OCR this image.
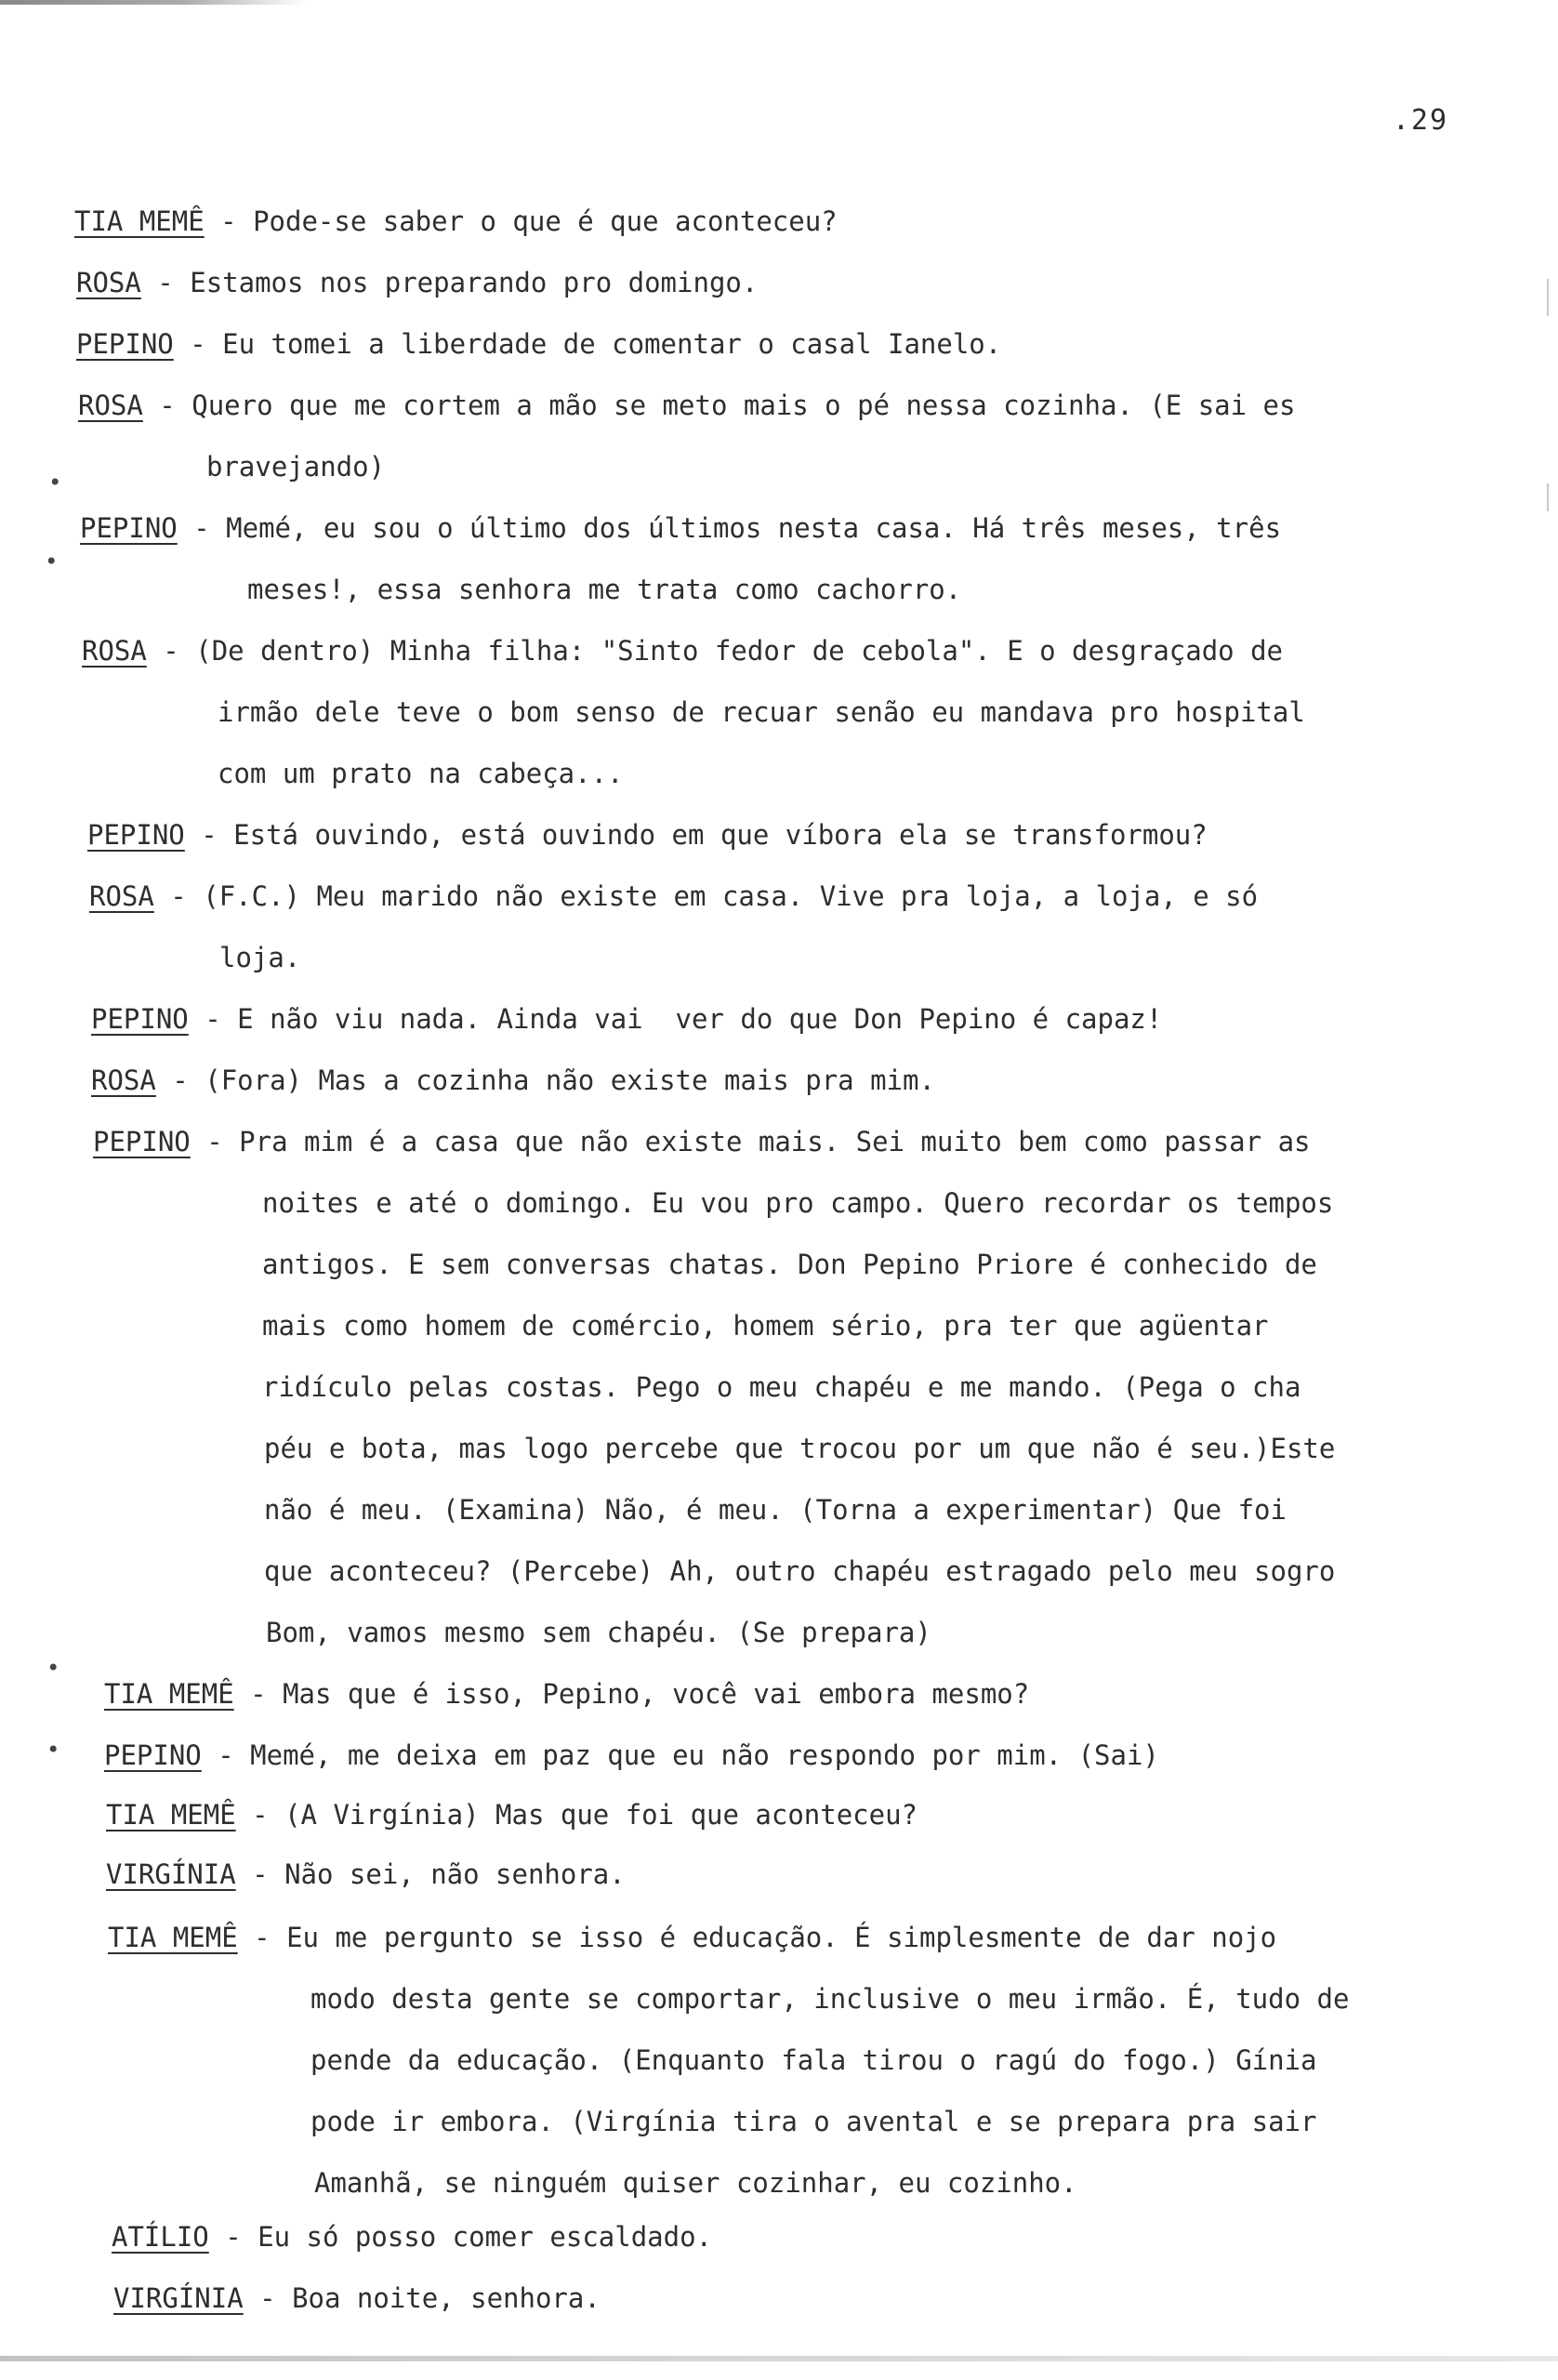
.29
•
•
•
•
TIA MEMÊ - Pode-se saber o que é que aconteceu?
ROSA - Estamos nos preparando pro domingo.
PEPINO - Eu tomei a liberdade de comentar o casal Ianelo.
ROSA - Quero que me cortem a mão se meto mais o pé nessa cozinha. (E sai es
bravejando)
PEPINO - Memé, eu sou o último dos últimos nesta casa. Há três meses, três
meses!, essa senhora me trata como cachorro.
ROSA - (De dentro) Minha filha: "Sinto fedor de cebola". E o desgraçado de
irmão dele teve o bom senso de recuar senão eu mandava pro hospital
com um prato na cabeça...
PEPINO - Está ouvindo, está ouvindo em que víbora ela se transformou?
ROSA - (F.C.) Meu marido não existe em casa. Vive pra loja, a loja, e só
loja.
PEPINO - E não viu nada. Ainda vai  ver do que Don Pepino é capaz!
ROSA - (Fora) Mas a cozinha não existe mais pra mim.
PEPINO - Pra mim é a casa que não existe mais. Sei muito bem como passar as
noites e até o domingo. Eu vou pro campo. Quero recordar os tempos
antigos. E sem conversas chatas. Don Pepino Priore é conhecido de
mais como homem de comércio, homem sério, pra ter que agüentar
ridículo pelas costas. Pego o meu chapéu e me mando. (Pega o cha
péu e bota, mas logo percebe que trocou por um que não é seu.)Este
não é meu. (Examina) Não, é meu. (Torna a experimentar) Que foi
que aconteceu? (Percebe) Ah, outro chapéu estragado pelo meu sogro
Bom, vamos mesmo sem chapéu. (Se prepara)
TIA MEMÊ - Mas que é isso, Pepino, você vai embora mesmo?
PEPINO - Memé, me deixa em paz que eu não respondo por mim. (Sai)
TIA MEMÊ - (A Virgínia) Mas que foi que aconteceu?
VIRGÍNIA - Não sei, não senhora.
TIA MEMÊ - Eu me pergunto se isso é educação. É simplesmente de dar nojo
modo desta gente se comportar, inclusive o meu irmão. É, tudo de
pende da educação. (Enquanto fala tirou o ragú do fogo.) Gínia
pode ir embora. (Virgínia tira o avental e se prepara pra sair
Amanhã, se ninguém quiser cozinhar, eu cozinho.
ATÍLIO - Eu só posso comer escaldado.
VIRGÍNIA - Boa noite, senhora.
